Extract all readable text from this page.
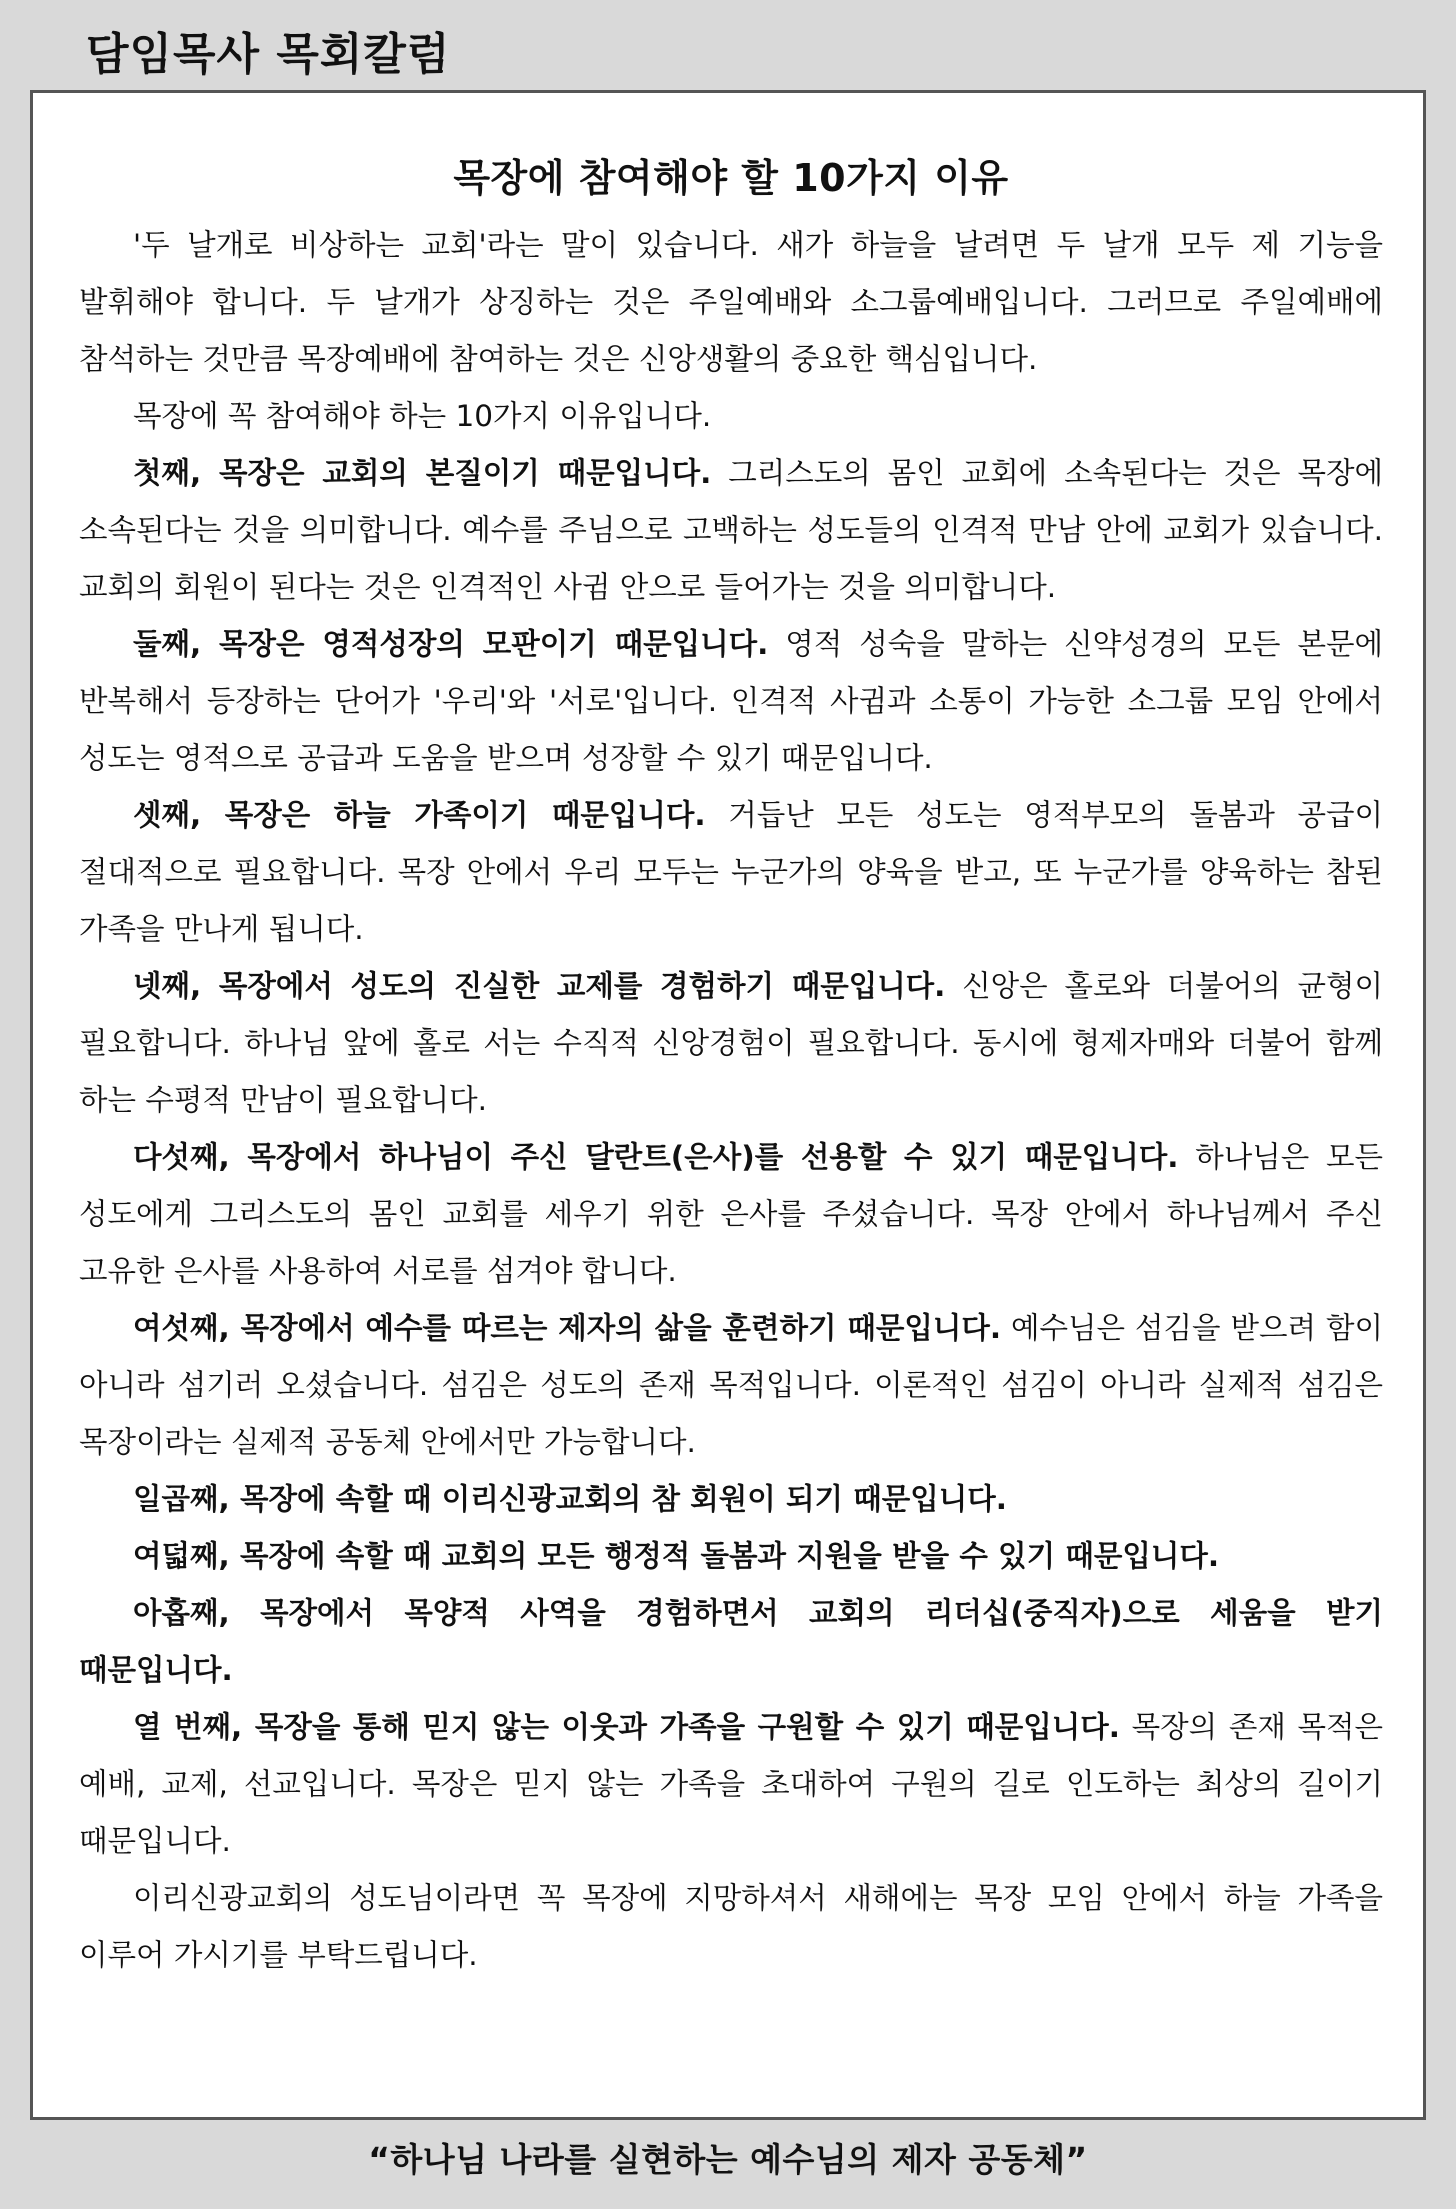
담임목사 목회칼럼
목장에 참여해야 할 10가지 이유

'두 날개로 비상하는 교회'라는 말이 있습니다. 새가 하늘을 날려면 두 날개 모두 제 기능을 발휘해야 합니다. 두 날개가 상징하는 것은 주일예배와 소그룹예배입니다. 그러므로 주일예배에 참석하는 것만큼 목장예배에 참여하는 것은 신앙생활의 중요한 핵심입니다.

목장에 꼭 참여해야 하는 10가지 이유입니다.

첫째, 목장은 교회의 본질이기 때문입니다. 그리스도의 몸인 교회에 소속된다는 것은 목장에 소속된다는 것을 의미합니다. 예수를 주님으로 고백하는 성도들의 인격적 만남 안에 교회가 있습니다. 교회의 회원이 된다는 것은 인격적인 사귐 안으로 들어가는 것을 의미합니다.

둘째, 목장은 영적성장의 모판이기 때문입니다. 영적 성숙을 말하는 신약성경의 모든 본문에 반복해서 등장하는 단어가 '우리'와 '서로'입니다. 인격적 사귐과 소통이 가능한 소그룹 모임 안에서 성도는 영적으로 공급과 도움을 받으며 성장할 수 있기 때문입니다.

셋째, 목장은 하늘 가족이기 때문입니다. 거듭난 모든 성도는 영적부모의 돌봄과 공급이 절대적으로 필요합니다. 목장 안에서 우리 모두는 누군가의 양육을 받고, 또 누군가를 양육하는 참된 가족을 만나게 됩니다.

넷째, 목장에서 성도의 진실한 교제를 경험하기 때문입니다. 신앙은 홀로와 더불어의 균형이 필요합니다. 하나님 앞에 홀로 서는 수직적 신앙경험이 필요합니다. 동시에 형제자매와 더불어 함께 하는 수평적 만남이 필요합니다.

다섯째, 목장에서 하나님이 주신 달란트(은사)를 선용할 수 있기 때문입니다. 하나님은 모든 성도에게 그리스도의 몸인 교회를 세우기 위한 은사를 주셨습니다. 목장 안에서 하나님께서 주신 고유한 은사를 사용하여 서로를 섬겨야 합니다.

여섯째, 목장에서 예수를 따르는 제자의 삶을 훈련하기 때문입니다. 예수님은 섬김을 받으려 함이 아니라 섬기러 오셨습니다. 섬김은 성도의 존재 목적입니다. 이론적인 섬김이 아니라 실제적 섬김은 목장이라는 실제적 공동체 안에서만 가능합니다.

일곱째, 목장에 속할 때 이리신광교회의 참 회원이 되기 때문입니다.

여덟째, 목장에 속할 때 교회의 모든 행정적 돌봄과 지원을 받을 수 있기 때문입니다.

아홉째, 목장에서 목양적 사역을 경험하면서 교회의 리더십(중직자)으로 세움을 받기 때문입니다.

열 번째, 목장을 통해 믿지 않는 이웃과 가족을 구원할 수 있기 때문입니다. 목장의 존재 목적은 예배, 교제, 선교입니다. 목장은 믿지 않는 가족을 초대하여 구원의 길로 인도하는 최상의 길이기 때문입니다.

이리신광교회의 성도님이라면 꼭 목장에 지망하셔서 새해에는 목장 모임 안에서 하늘 가족을 이루어 가시기를 부탁드립니다.

“하나님 나라를 실현하는 예수님의 제자 공동체”
